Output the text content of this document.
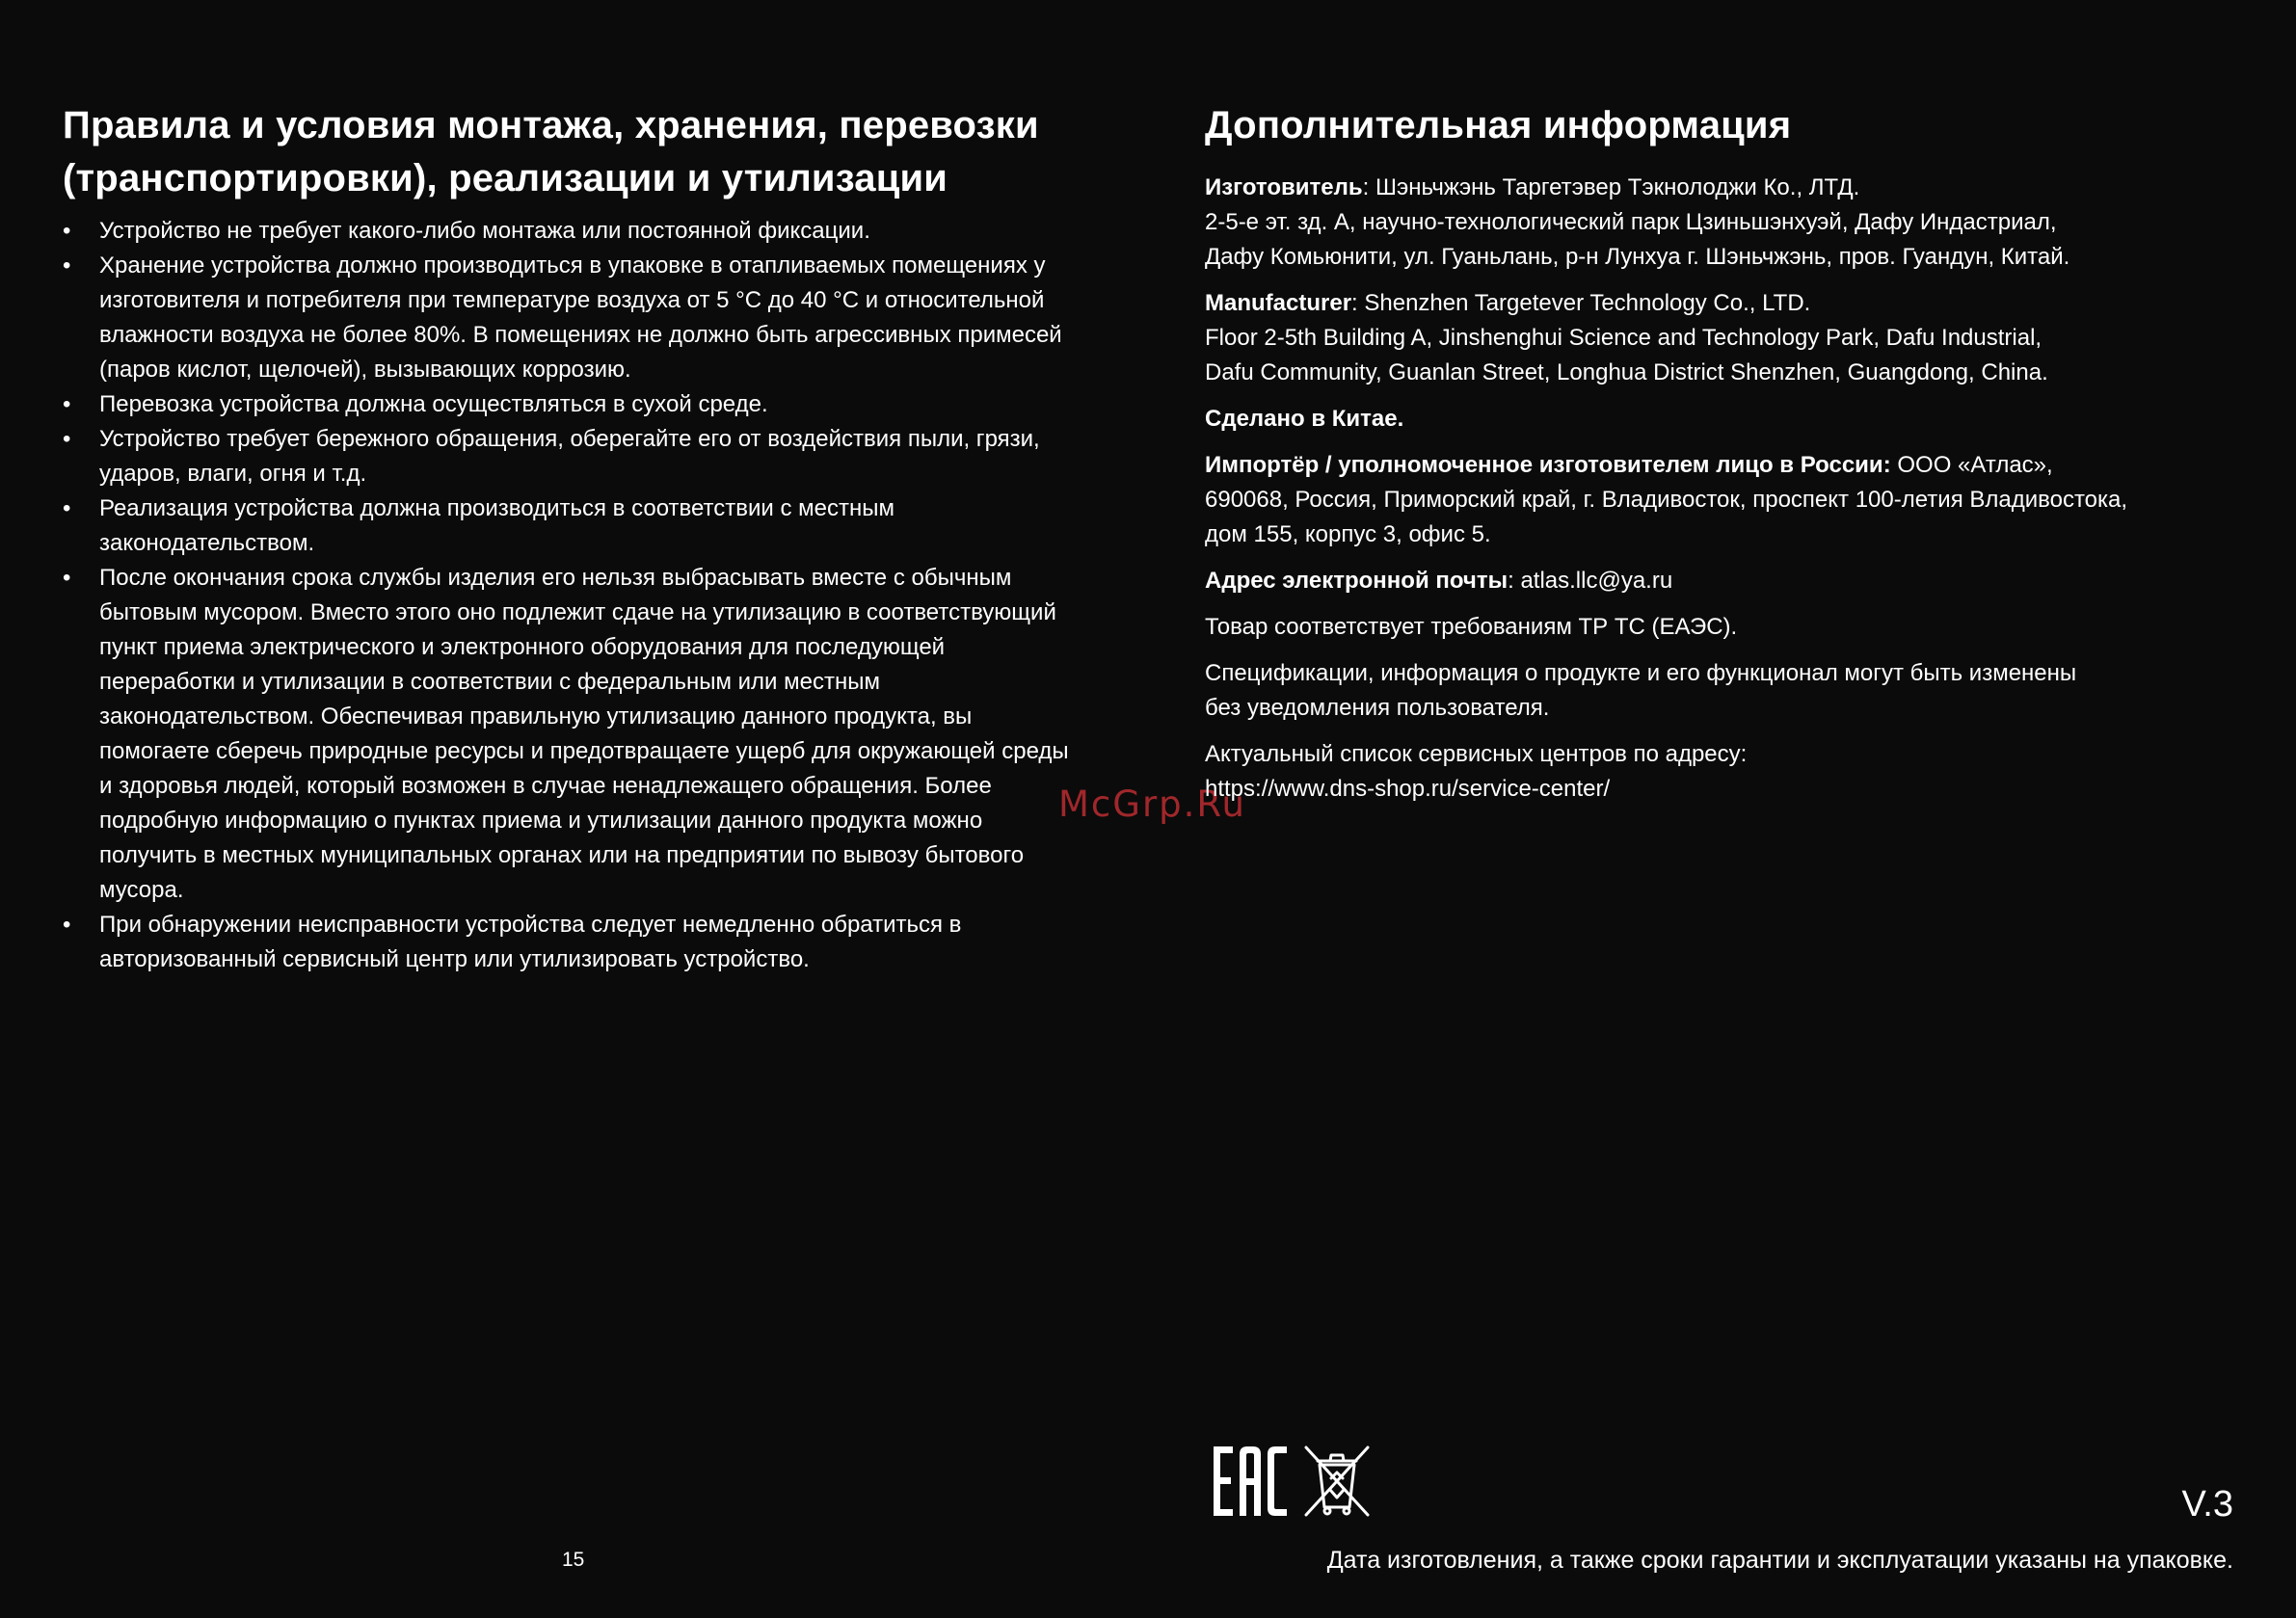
Правила и условия монтажа, хранения, перевозки
(транспортировки), реализации и утилизации
• Устройство не требует какого-либо монтажа или постоянной фиксации.
• Хранение устройства должно производиться в упаковке в отапливаемых помещениях у изготовителя и потребителя при температуре воздуха от 5 °С до 40 °С и относительной влажности воздуха не более 80%. В помещениях не должно быть агрессивных примесей (паров кислот, щелочей), вызывающих коррозию.
• Перевозка устройства должна осуществляться в сухой среде.
• Устройство требует бережного обращения, оберегайте его от воздействия пыли, грязи, ударов, влаги, огня и т.д.
• Реализация устройства должна производиться в соответствии с местным законодательством.
• После окончания срока службы изделия его нельзя выбрасывать вместе с обычным бытовым мусором. Вместо этого оно подлежит сдаче на утилизацию в соответствующий пункт приема электрического и электронного оборудования для последующей переработки и утилизации в соответствии с федеральным или местным законодательством. Обеспечивая правильную утилизацию данного продукта, вы помогаете сберечь природные ресурсы и предотвращаете ущерб для окружающей среды и здоровья людей, который возможен в случае ненадлежащего обращения. Более подробную информацию о пунктах приема и утилизации данного продукта можно получить в местных муниципальных органах или на предприятии по вывозу бытового мусора.
• При обнаружении неисправности устройства следует немедленно обратиться в авторизованный сервисный центр или утилизировать устройство.
15
McGrp.Ru
Дополнительная информация

Изготовитель: Шэньчжэнь Таргетэвер Тэкнолоджи Ко., ЛТД.
2-5-е эт. зд. А, научно-технологический парк Цзиньшэнхуэй, Дафу Индастриал,
Дафу Комьюнити, ул. Гуаньлань, р-н Лунхуа г. Шэньчжэнь, пров. Гуандун, Китай.

Manufacturer: Shenzhen Targetever Technology Co., LTD.
Floor 2-5th Building A, Jinshenghui Science and Technology Park, Dafu Industrial,
Dafu Community, Guanlan Street, Longhua District Shenzhen, Guangdong, China.

Сделано в Китае.

Импортёр / уполномоченное изготовителем лицо в России: ООО «Атлас»,
690068, Россия, Приморский край, г. Владивосток, проспект 100-летия Владивостока,
дом 155, корпус 3, офис 5.

Адрес электронной почты: atlas.llc@ya.ru

Товар соответствует требованиям ТР ТС (ЕАЭС).

Спецификации, информация о продукте и его функционал могут быть изменены
без уведомления пользователя.

Актуальный список сервисных центров по адресу:
https://www.dns-shop.ru/service-center/

V.3
Дата изготовления, а также сроки гарантии и эксплуатации указаны на упаковке.
